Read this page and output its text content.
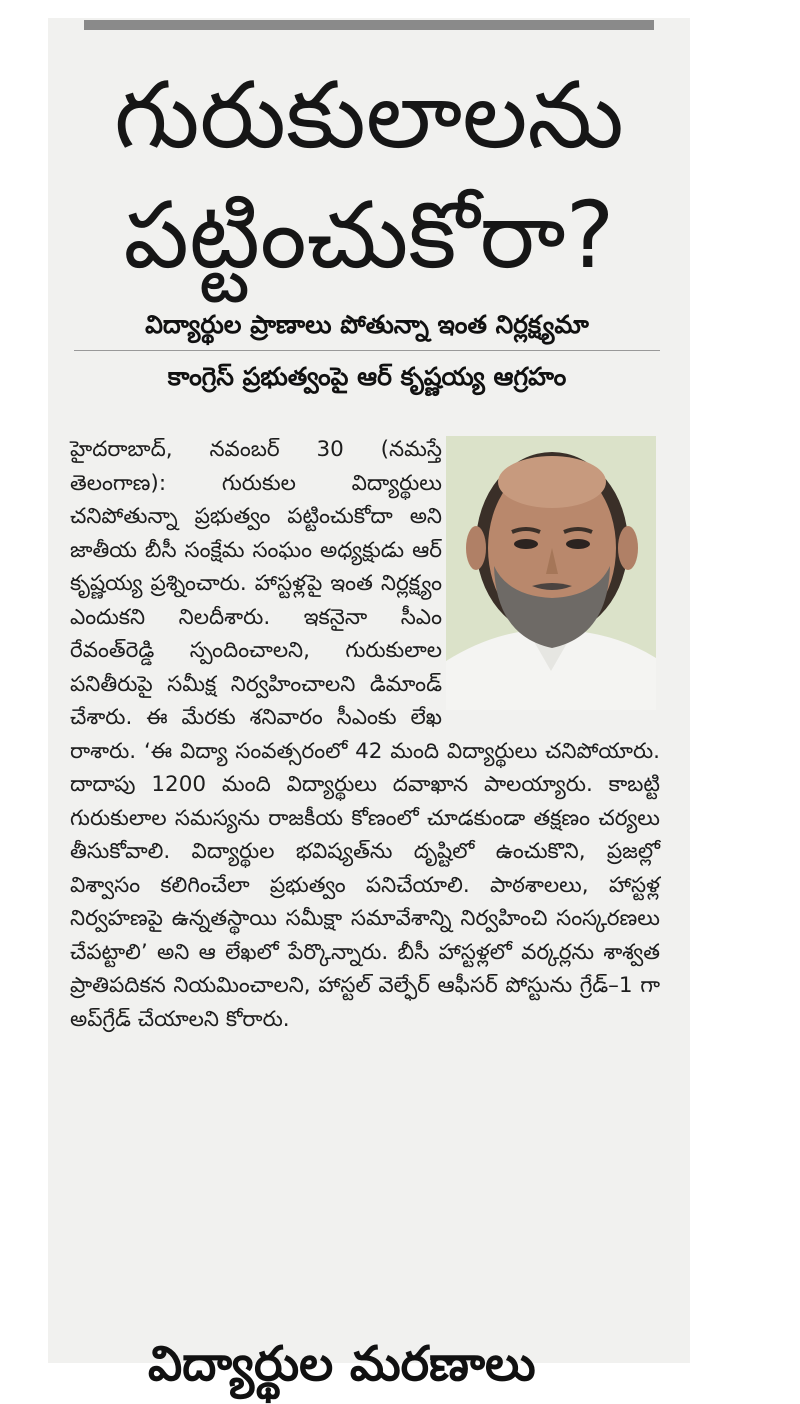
గురుకులాలను
పట్టించుకోరా?
విద్యార్థుల ప్రాణాలు పోతున్నా ఇంత నిర్లక్ష్యమా
కాంగ్రెస్ ప్రభుత్వంపై ఆర్ కృష్ణయ్య ఆగ్రహం
హైదరాబాద్, నవంబర్ 30 (నమస్తే తెలంగాణ):	గురుకుల విద్యార్థులు చనిపోతున్నా ప్రభుత్వం పట్టించుకోదా అని జాతీయ బీసీ సంక్షేమ సంఘం అధ్యక్షుడు ఆర్ కృష్ణయ్య ప్రశ్నించారు. హాస్టళ్లపై ఇంత నిర్లక్ష్యం ఎందుకని నిలదీశారు. ఇకనైనా సీఎం రేవంత్‌రెడ్డి స్పందించాలని, గురుకులాల పనితీరుపై సమీక్ష నిర్వహించాలని డిమాండ్ చేశారు. ఈ మేరకు శనివారం సీఎంకు లేఖ రాశారు. ‘ఈ విద్యా సంవత్సరంలో 42 మంది విద్యార్థులు చనిపోయారు. దాదాపు 1200 మంది విద్యార్థులు దవాఖాన పాలయ్యారు. కాబట్టి గురుకులాల సమస్యను రాజకీయ కోణంలో చూడకుండా తక్షణం చర్యలు తీసుకోవాలి. విద్యార్థుల భవిష్యత్‌ను దృష్టిలో ఉంచుకొని, ప్రజల్లో విశ్వాసం కలిగించేలా ప్రభుత్వం పనిచేయాలి. పాఠశాలలు, హాస్టళ్ల నిర్వహణపై ఉన్నతస్థాయి సమీక్షా సమావేశాన్ని నిర్వహించి సంస్కరణలు చేపట్టాలి’ అని ఆ లేఖలో పేర్కొన్నారు. బీసీ హాస్టళ్లలో వర్కర్లను శాశ్వత ప్రాతిపదికన నియమించాలని, హాస్టల్ వెల్ఫేర్ ఆఫీసర్ పోస్టును గ్రేడ్–1 గా అప్‌గ్రేడ్ చేయాలని కోరారు.
విద్యార్థుల మరణాలు
